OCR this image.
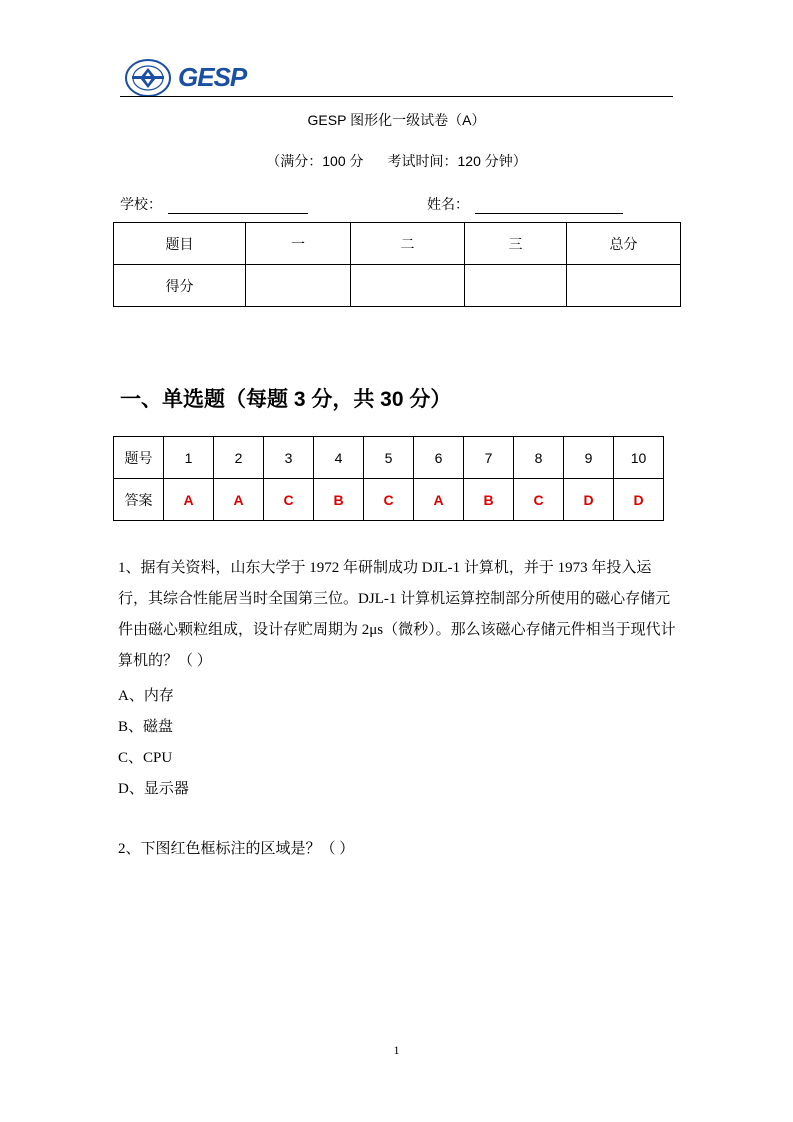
GESP
GESP 图形化一级试卷（A）
（满分：100 分 考试时间：120 分钟）
学校：	姓名：
题目	一	二	三	总分
得分				
一、单选题（每题 3 分，共 30 分）
题号	1	2	3	4	5	6	7	8	9	10
答案	A	A	C	B	C	A	B	C	D	D
1、据有关资料，山东大学于 1972 年研制成功 DJL-1 计算机，并于 1973 年投入运行，其综合性能居当时全国第三位。DJL-1 计算机运算控制部分所使用的磁心存储元件由磁心颗粒组成，设计存贮周期为 2μs（微秒）。那么该磁心存储元件相当于现代计算机的？（ ）
A、内存
B、磁盘
C、CPU
D、显示器
2、下图红色框标注的区域是？（ ）
1
